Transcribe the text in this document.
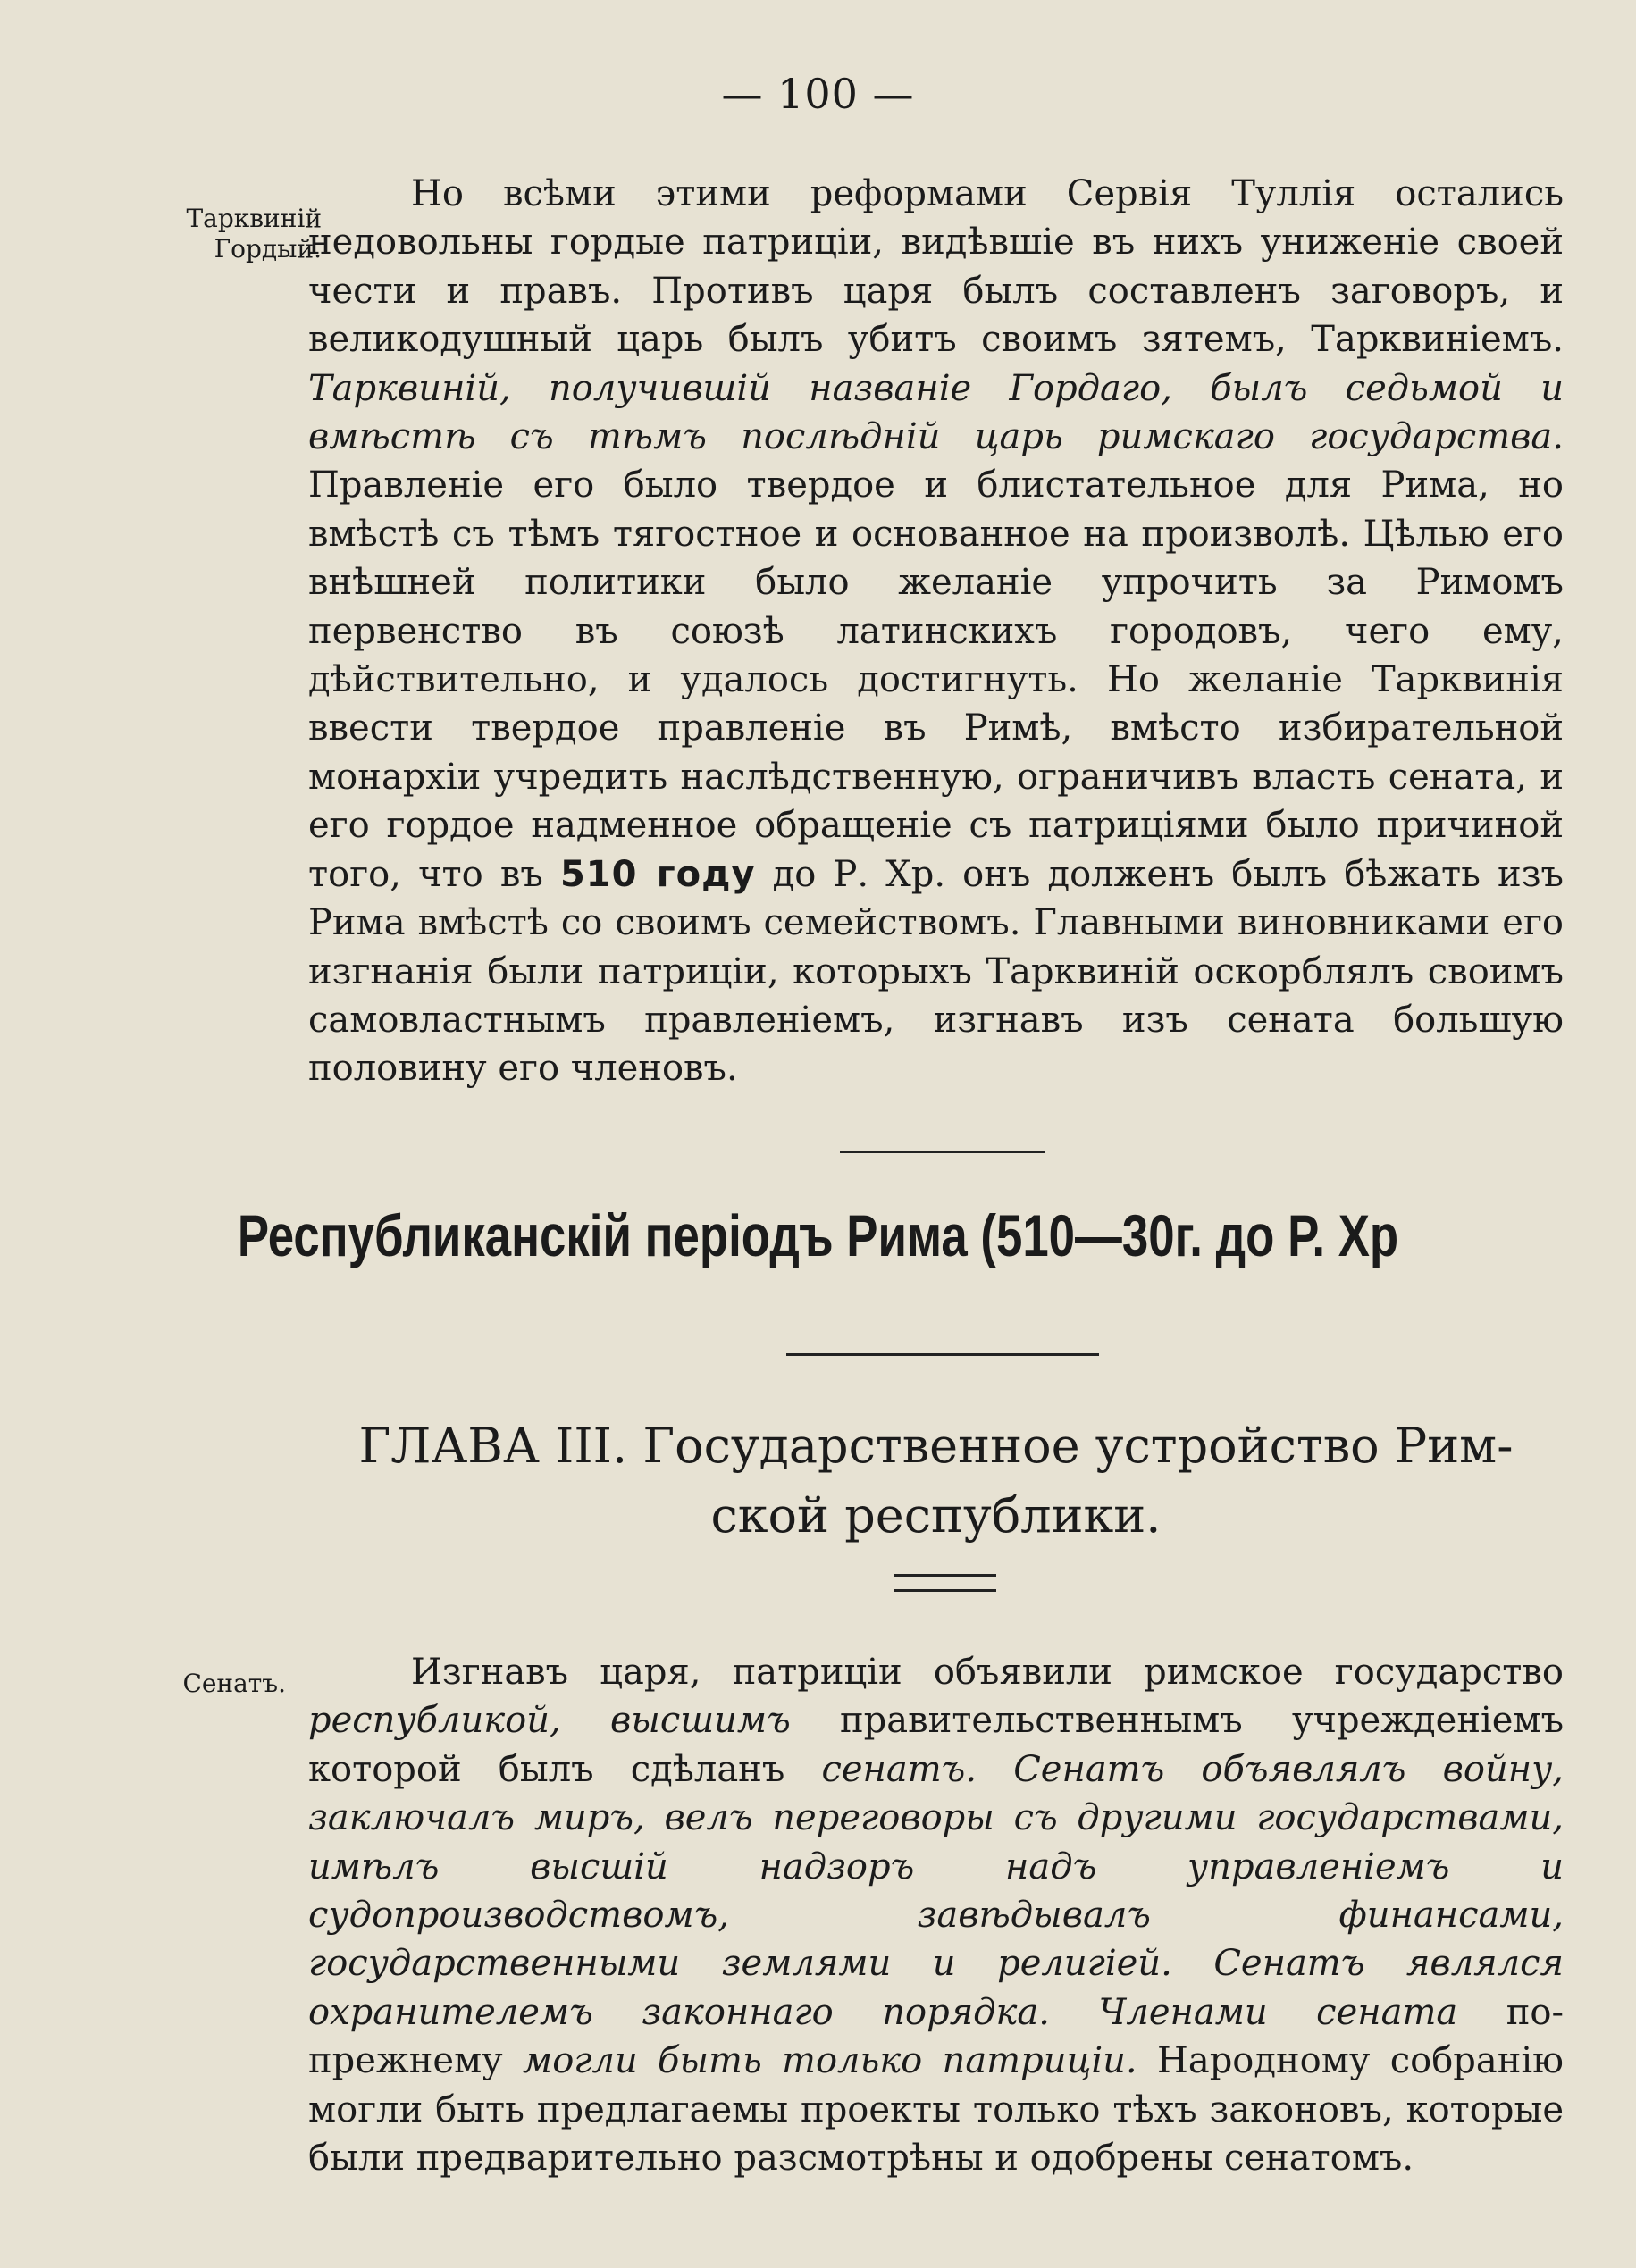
— 100 —
Тарквиній
Гордый.
Но всѣми этими реформами Сервія Туллія остались недовольны гордые патриціи, видѣвшіе въ нихъ униженіе своей чести и правъ. Противъ царя былъ составленъ заговоръ, и великодушный царь былъ убитъ своимъ зятемъ, Тарквиніемъ. Тарквиній, получившій названіе Гордаго, былъ седьмой и вмѣстѣ съ тѣмъ послѣдній царь римскаго государства. Правленіе его было твердое и блистательное для Рима, но вмѣстѣ съ тѣмъ тягостное и основанное на произволѣ. Цѣлью его внѣшней политики было желаніе упрочить за Римомъ первенство въ союзѣ латинскихъ городовъ, чего ему, дѣйствительно, и удалось достигнуть. Но желаніе Тарквинія ввести твердое правленіе въ Римѣ, вмѣсто избирательной монархіи учредить наслѣдственную, ограничивъ власть сената, и его гордое надменное обращеніе съ патриціями было причиной того, что въ 510 году до Р. Хр. онъ долженъ былъ бѣжать изъ Рима вмѣстѣ со своимъ семействомъ. Главными виновниками его изгнанія были патриціи, которыхъ Тарквиній оскорблялъ своимъ самовластнымъ правленіемъ, изгнавъ изъ сената большую половину его членовъ.
Республиканскій періодъ Рима (510—30г. до Р. Хр
ГЛАВА III. Государственное устройство Рим-
ской республики.
Сенатъ.	Изгнавъ царя, патриціи объявили римское государство республикой, высшимъ правительственнымъ учрежденіемъ которой былъ сдѣланъ сенатъ. Сенатъ объявлялъ войну, заключалъ миръ, велъ переговоры съ другими государствами, имѣлъ высшій надзоръ надъ управленіемъ и судопроизводствомъ, завѣдывалъ финансами, государственными землями и религіей. Сенатъ являлся охранителемъ законнаго порядка. Членами сената по-прежнему могли быть только патриціи. Народному собранію могли быть предлагаемы проекты только тѣхъ законовъ, которые были предварительно разсмотрѣны и одобрены сенатомъ.
